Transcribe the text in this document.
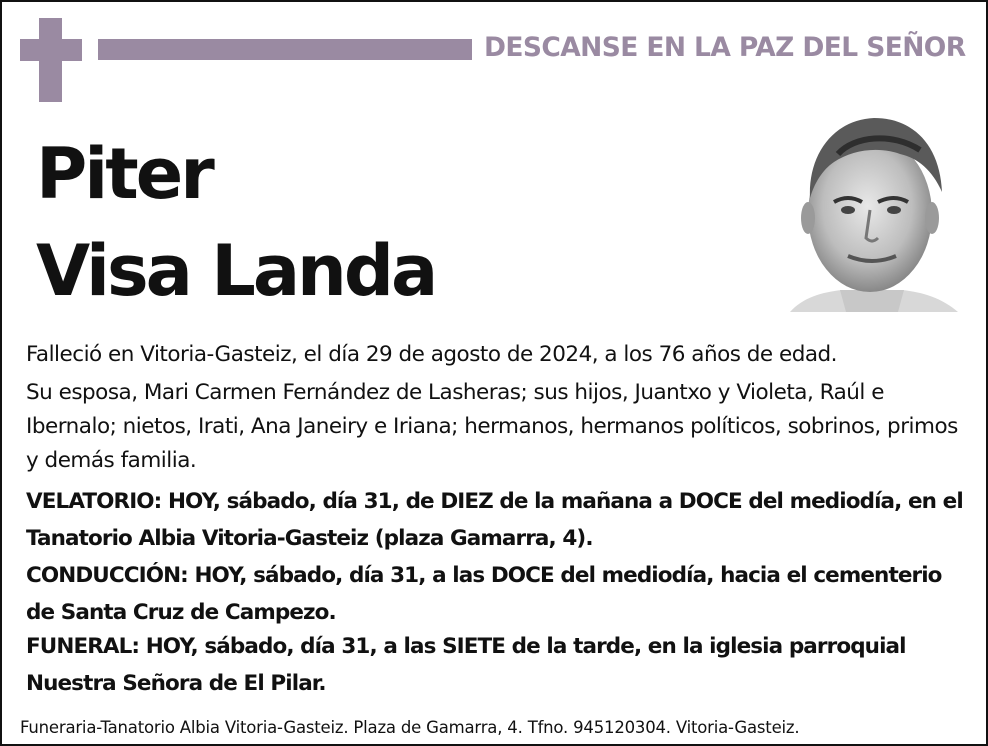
DESCANSE EN LA PAZ DEL SEÑOR
Piter
Visa Landa
Falleció en Vitoria-Gasteiz, el día 29 de agosto de 2024, a los 76 años de edad.
Su esposa, Mari Carmen Fernández de Lasheras; sus hijos, Juantxo y Violeta, Raúl e Ibernalo; nietos, Irati, Ana Janeiry e Iriana; hermanos, hermanos políticos, sobrinos, primos y demás familia.
VELATORIO: HOY, sábado, día 31, de DIEZ de la mañana a DOCE del mediodía, en el Tanatorio Albia Vitoria-Gasteiz (plaza Gamarra, 4).
CONDUCCIÓN: HOY, sábado, día 31, a las DOCE del mediodía, hacia el cementerio de Santa Cruz de Campezo.
FUNERAL: HOY, sábado, día 31, a las SIETE de la tarde, en la iglesia parroquial Nuestra Señora de El Pilar.
Funeraria-Tanatorio Albia Vitoria-Gasteiz. Plaza de Gamarra, 4. Tfno. 945120304. Vitoria-Gasteiz.
